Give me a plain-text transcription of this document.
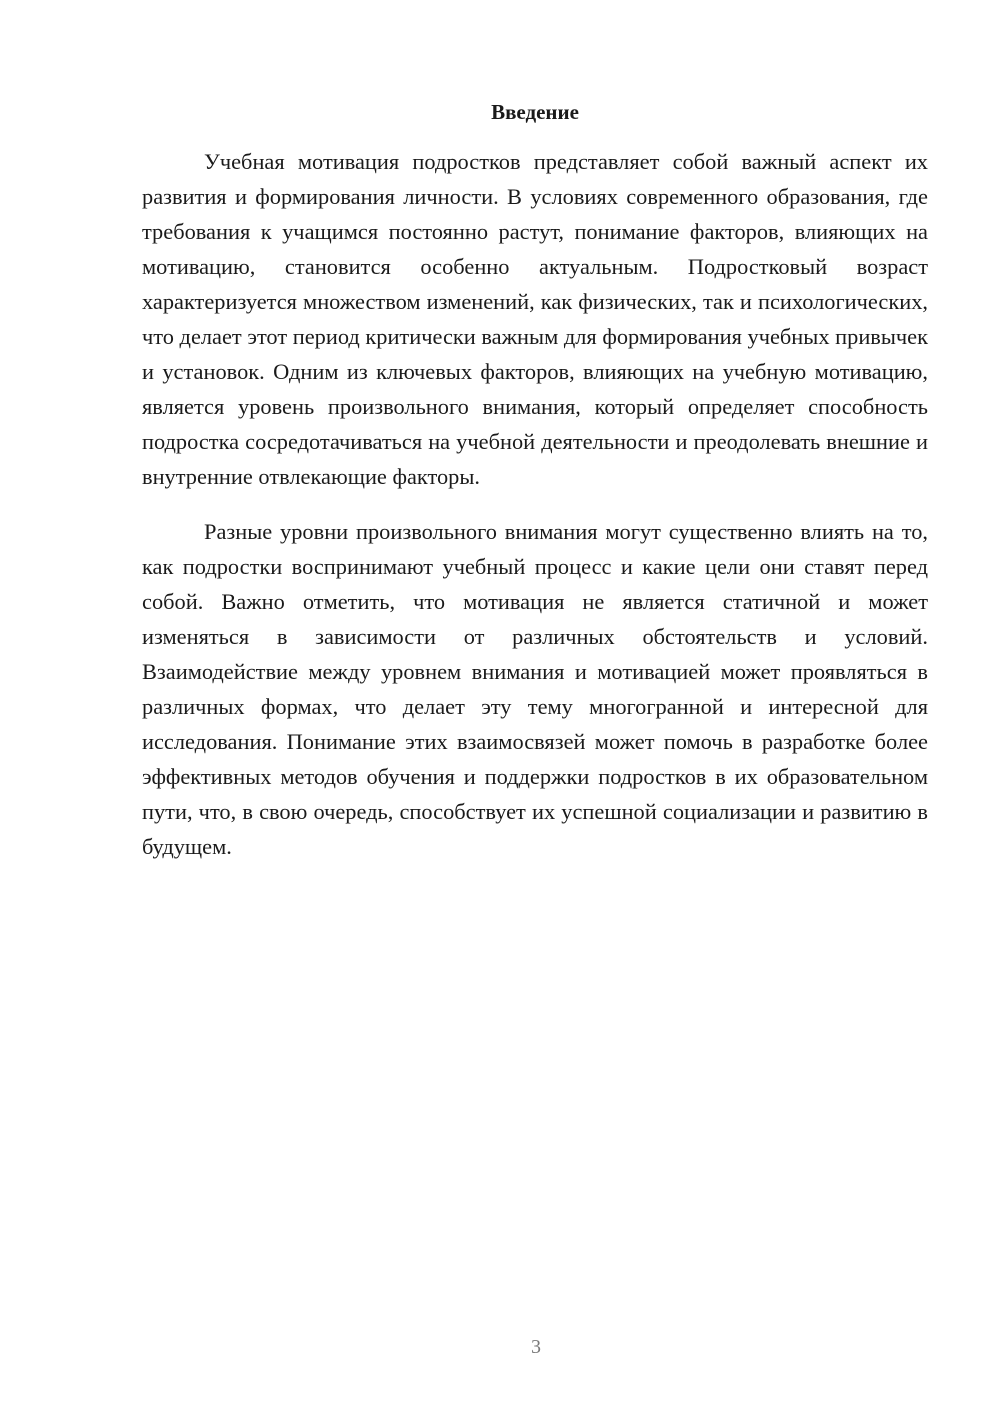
Введение

Учебная мотивация подростков представляет собой важный аспект их развития и формирования личности. В условиях современного образования, где требования к учащимся постоянно растут, понимание факторов, влияющих на мотивацию, становится особенно актуальным. Подростковый возраст характеризуется множеством изменений, как физических, так и психологических, что делает этот период критически важным для формирования учебных привычек и установок. Одним из ключевых факторов, влияющих на учебную мотивацию, является уровень произвольного внимания, который определяет способность подростка сосредотачиваться на учебной деятельности и преодолевать внешние и внутренние отвлекающие факторы.

Разные уровни произвольного внимания могут существенно влиять на то, как подростки воспринимают учебный процесс и какие цели они ставят перед собой. Важно отметить, что мотивация не является статичной и может изменяться в зависимости от различных обстоятельств и условий. Взаимодействие между уровнем внимания и мотивацией может проявляться в различных формах, что делает эту тему многогранной и интересной для исследования. Понимание этих взаимосвязей может помочь в разработке более эффективных методов обучения и поддержки подростков в их образовательном пути, что, в свою очередь, способствует их успешной социализации и развитию в будущем.

3
